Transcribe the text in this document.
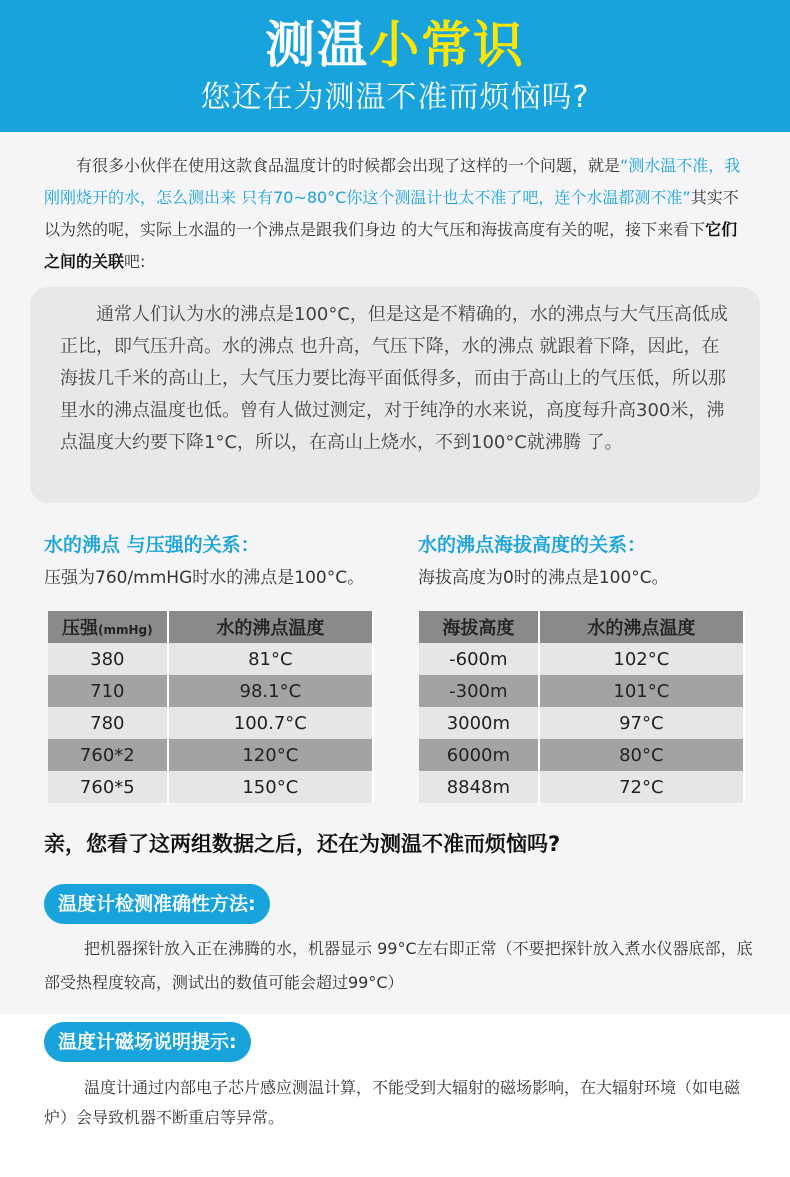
测温小常识
您还在为测温不准而烦恼吗?

有很多小伙伴在使用这款食品温度计的时候都会出现了这样的一个问题，就是“测水温不准，我刚刚烧开的水，怎么测出来 只有70~80°C你这个测温计也太不准了吧，连个水温都测不准”其实不以为然的呢，实际上水温的一个沸点是跟我们身边 的大气压和海拔高度有关的呢，接下来看下它们之间的关联吧:

通常人们认为水的沸点是100°C，但是这是不精确的，水的沸点与大气压高低成正比，即气压升高。水的沸点 也升高，气压下降，水的沸点 就跟着下降，因此，在海拔几千米的高山上，大气压力要比海平面低得多，而由于高山上的气压低，所以那里水的沸点温度也低。曾有人做过测定，对于纯净的水来说，高度每升高300米，沸点温度大约要下降1°C，所以，在高山上烧水，不到100°C就沸腾 了。

水的沸点 与压强的关系：
压强为760/mmHG时水的沸点是100°C。
压强(mmHg)	水的沸点温度
380	81°C
710	98.1°C
780	100.7°C
760*2	120°C
760*5	150°C
水的沸点海拔高度的关系：
海拔高度为0时的沸点是100°C。
海拔高度	水的沸点温度
-600m	102°C
-300m	101°C
3000m	97°C
6000m	80°C
8848m	72°C
亲，您看了这两组数据之后，还在为测温不准而烦恼吗?
温度计检测准确性方法:

把机器探针放入正在沸腾的水，机器显示 99°C左右即正常（不要把探针放入煮水仪器底部，底部受热程度较高，测试出的数值可能会超过99°C）

温度计磁场说明提示:

温度计通过内部电子芯片感应测温计算，不能受到大辐射的磁场影响，在大辐射环境（如电磁炉）会导致机器不断重启等异常。
